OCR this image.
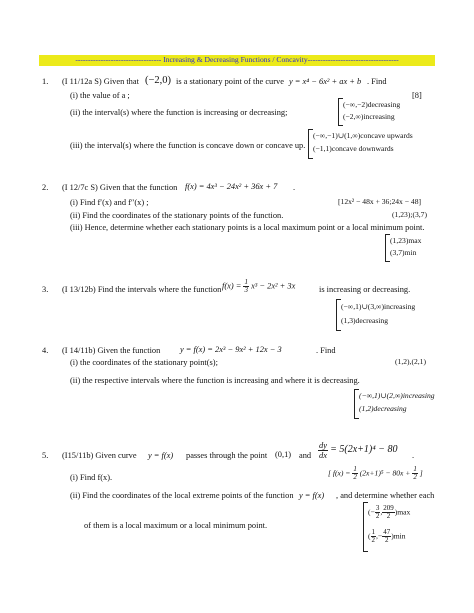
---------------------------------- Increasing & Decreasing Functions / Concavity------------------------------------
1. (I 11/12a S) Given that (−2,0) is a stationary point of the curve y = x⁴ − 6x² + ax + b . Find
(i) the value of a ;	[8]
(ii) the interval(s) where the function is increasing or decreasing;
(−∞,−2)decreasing
(−2,∞)increasing
(iii) the interval(s) where the function is concave down or concave up.
(−∞,−1)∪(1,∞)concave upwards
(−1,1)concave downwards
2. (I 12/7c S) Given that the function f(x) = 4x³ − 24x² + 36x + 7 .
(i) Find f′(x) and f″(x) ;	[12x² − 48x + 36;24x − 48]
(ii) Find the coordinates of the stationary points of the function.	(1,23);(3,7)
(iii) Hence, determine whether each stationary points is a local maximum point or a local minimum point.
(1,23)max
(3,7)min
3. (I 13/12b) Find the intervals where the function $f(x) = \frac{1}{3} x^3 - 2x^2 + 3x$	is increasing or decreasing.
(−∞,1)∪(3,∞)increasing
(1,3)decreasing
4. (I 14/11b) Given the function y = f(x) = 2x³ − 9x² + 12x − 3	. Find
(i) the coordinates of the stationary point(s);	(1,2),(2,1)
(ii) the respective intervals where the function is increasing and where it is decreasing.
(−∞,1)∪(2,∞)increasing
(1,2)decreasing
5. (I15/11b) Given curve y = f(x) passes through the point (0,1) and $\frac{dy}{dx} = 5(2x+1)^4 - 80$
.
(i) Find f(x).
[ $f(x) = \frac{1}{2} (2x+1)^5 - 80x + \frac{1}{2}$ ]
(ii) Find the coordinates of the local extreme points of the function y = f(x) , and determine whether each
of them is a local maximum or a local minimum point.
(− $\frac{3}{2}$ , $\frac{209}{2} )\max$
( $\frac{1}{2}$ ,− $\frac{47}{2} )\min$
